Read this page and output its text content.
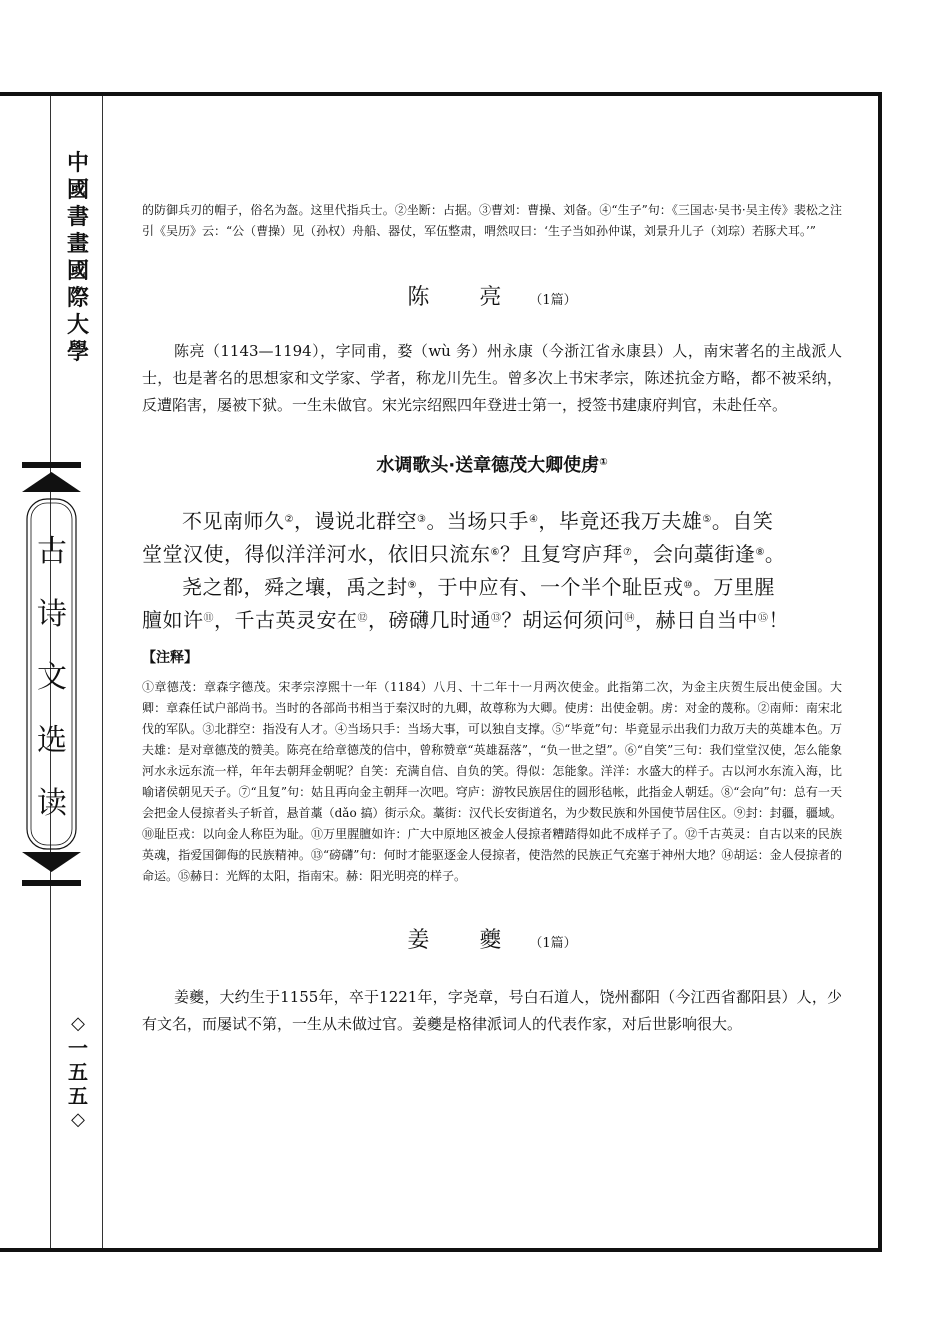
中國書畫國際大學
古
诗
文
选
读
◇
一
五
五
◇

的防御兵刃的帽子，俗名为盔。这里代指兵士。②坐断：占据。③曹刘：曹操、刘备。④“生子”句：《三国志·吴书·吴主传》裴松之注引《吴历》云：“公（曹操）见（孙权）舟船、器仗，军伍整肃，喟然叹曰：‘生子当如孙仲谋，刘景升儿子（刘琮）若豚犬耳。’”

陈　亮 （1篇）

陈亮（1143—1194），字同甫，婺（wù 务）州永康（今浙江省永康县）人，南宋著名的主战派人士，也是著名的思想家和文学家、学者，称龙川先生。曾多次上书宋孝宗，陈述抗金方略，都不被采纳，反遭陷害，屡被下狱。一生未做官。宋光宗绍熙四年登进士第一，授签书建康府判官，未赴任卒。

水调歌头·送章德茂大卿使虏①

不见南师久②，谩说北群空③。当场只手④，毕竟还我万夫雄⑤。自笑

堂堂汉使，得似洋洋河水，依旧只流东⑥？且复穹庐拜⑦，会向藁街逢⑧。

尧之都，舜之壤，禹之封⑨，于中应有、一个半个耻臣戎⑩。万里腥

膻如许⑪，千古英灵安在⑫，磅礴几时通⑬？胡运何须问⑭，赫日自当中⑮！

【注释】

①章德茂：章森字德茂。宋孝宗淳熙十一年（1184）八月、十二年十一月两次使金。此指第二次，为金主庆贺生辰出使金国。大卿：章森任试户部尚书。当时的各部尚书相当于秦汉时的九卿，故尊称为大卿。使虏：出使金朝。虏：对金的蔑称。②南师：南宋北伐的军队。③北群空：指没有人才。④当场只手：当场大事，可以独自支撑。⑤“毕竟”句：毕竟显示出我们力敌万夫的英雄本色。万夫雄：是对章德茂的赞美。陈亮在给章德茂的信中，曾称赞章“英雄磊落”，“负一世之望”。⑥“自笑”三句：我们堂堂汉使，怎么能象河水永远东流一样，年年去朝拜金朝呢？自笑：充满自信、自负的笑。得似：怎能象。洋洋：水盛大的样子。古以河水东流入海，比喻诸侯朝见天子。⑦“且复”句：姑且再向金主朝拜一次吧。穹庐：游牧民族居住的圆形毡帐，此指金人朝廷。⑧“会向”句：总有一天会把金人侵掠者头子斩首，悬首藁（dǎo 搞）街示众。藁街：汉代长安街道名，为少数民族和外国使节居住区。⑨封：封疆，疆域。⑩耻臣戎：以向金人称臣为耻。⑪万里腥膻如许：广大中原地区被金人侵掠者糟踏得如此不成样子了。⑫千古英灵：自古以来的民族英魂，指爱国御侮的民族精神。⑬“磅礴”句：何时才能驱逐金人侵掠者，使浩然的民族正气充塞于神州大地？⑭胡运：金人侵掠者的命运。⑮赫日：光辉的太阳，指南宋。赫：阳光明亮的样子。

姜　夔 （1篇）

姜夔，大约生于1155年，卒于1221年，字尧章，号白石道人，饶州鄱阳（今江西省鄱阳县）人，少有文名，而屡试不第，一生从未做过官。姜夔是格律派词人的代表作家，对后世影响很大。
